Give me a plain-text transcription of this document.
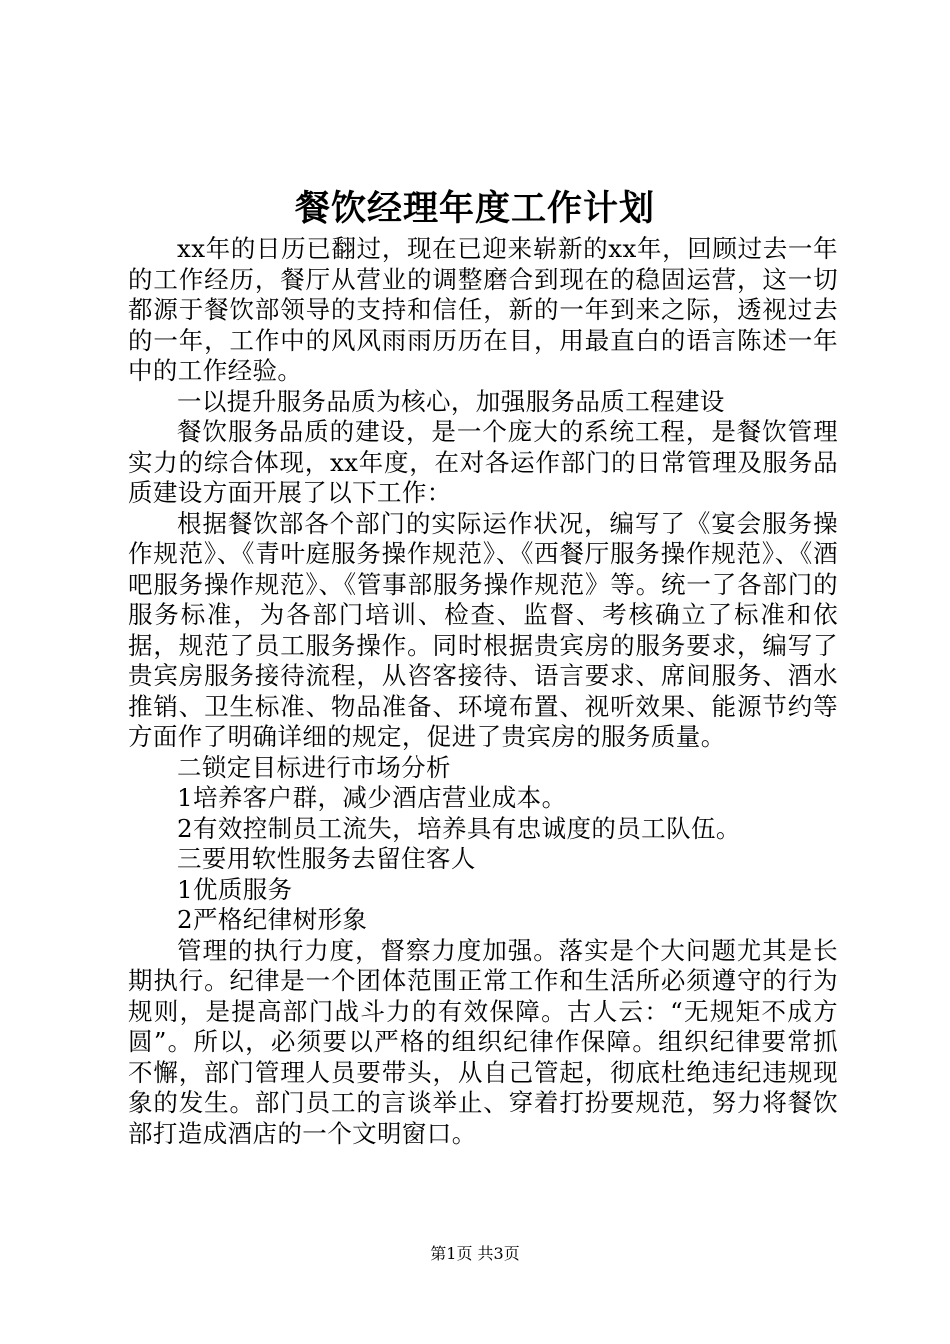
餐饮经理年度工作计划

xx年的日历已翻过，现在已迎来崭新的xx年，回顾过去一年的工作经历，餐厅从营业的调整磨合到现在的稳固运营，这一切都源于餐饮部领导的支持和信任，新的一年到来之际，透视过去的一年，工作中的风风雨雨历历在目，用最直白的语言陈述一年中的工作经验。

一以提升服务品质为核心，加强服务品质工程建设

餐饮服务品质的建设，是一个庞大的系统工程，是餐饮管理实力的综合体现，xx年度，在对各运作部门的日常管理及服务品质建设方面开展了以下工作：

根据餐饮部各个部门的实际运作状况，编写了《宴会服务操作规范》、《青叶庭服务操作规范》、《西餐厅服务操作规范》、《酒吧服务操作规范》、《管事部服务操作规范》等。统一了各部门的服务标准，为各部门培训、检查、监督、考核确立了标准和依据，规范了员工服务操作。同时根据贵宾房的服务要求，编写了贵宾房服务接待流程，从咨客接待、语言要求、席间服务、酒水推销、卫生标准、物品准备、环境布置、视听效果、能源节约等方面作了明确详细的规定，促进了贵宾房的服务质量。

二锁定目标进行市场分析

1培养客户群，减少酒店营业成本。

2有效控制员工流失，培养具有忠诚度的员工队伍。

三要用软性服务去留住客人

1优质服务

2严格纪律树形象

管理的执行力度，督察力度加强。落实是个大问题尤其是长期执行。纪律是一个团体范围正常工作和生活所必须遵守的行为规则，是提高部门战斗力的有效保障。古人云：“无规矩不成方圆”。所以，必须要以严格的组织纪律作保障。组织纪律要常抓不懈，部门管理人员要带头，从自己管起，彻底杜绝违纪违规现象的发生。部门员工的言谈举止、穿着打扮要规范，努力将餐饮部打造成酒店的一个文明窗口。

第1页 共3页
